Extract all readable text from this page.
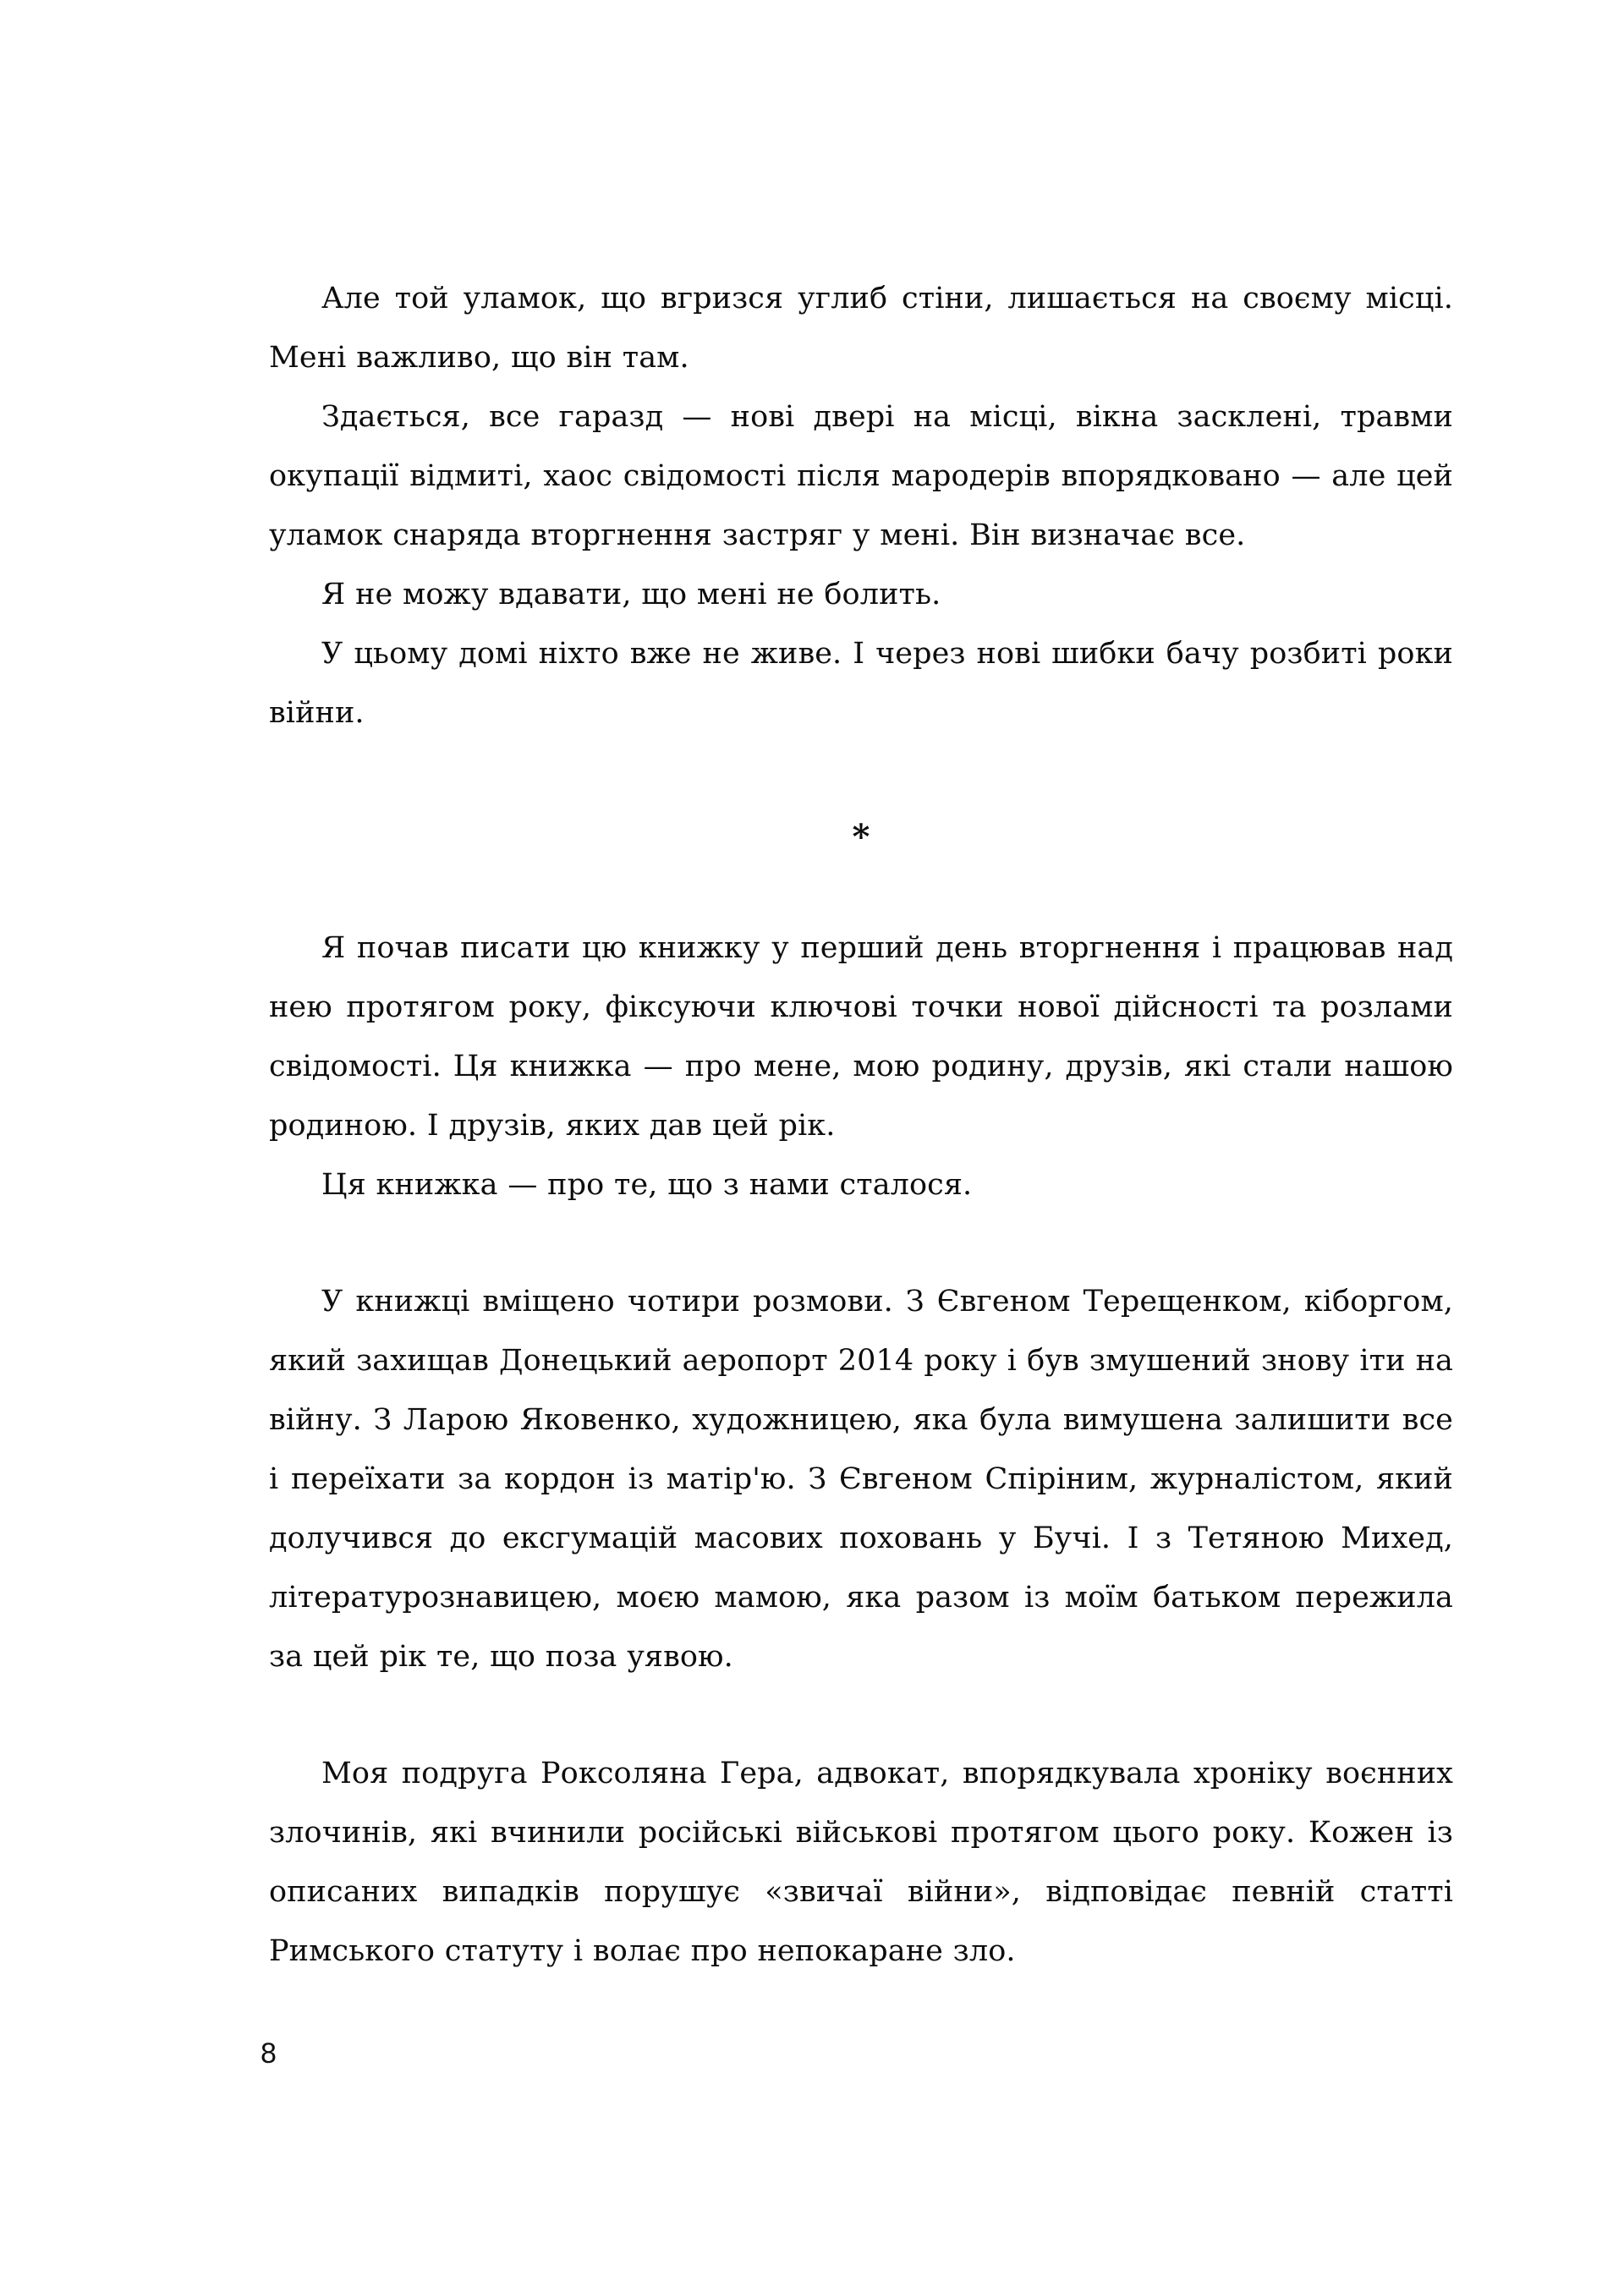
Але той уламок, що вгризся углиб стіни, лишається на своєму місці. Мені важливо, що він там.

Здається, все гаразд — нові двері на місці, вікна засклені, травми окупації відмиті, хаос свідомості після мародерів впорядковано — але цей уламок снаряда вторгнення застряг у мені. Він визначає все.

Я не можу вдавати, що мені не болить.

У цьому домі ніхто вже не живе. І через нові шибки бачу розбиті роки війни.

*

Я почав писати цю книжку у перший день вторгнення і працював над нею протягом року, фіксуючи ключові точки нової дійсності та розлами свідомості. Ця книжка — про мене, мою родину, друзів, які стали нашою родиною. І друзів, яких дав цей рік.

Ця книжка — про те, що з нами сталося.

У книжці вміщено чотири розмови. З Євгеном Терещенком, кіборгом, який захищав Донецький аеропорт 2014 року і був змушений знову іти на війну. З Ларою Яковенко, художницею, яка була вимушена залишити все і переїхати за кордон із матір'ю. З Євгеном Спіріним, журналістом, який долучився до ексгумацій масових поховань у Бучі. І з Тетяною Михед, літературознавицею, моєю мамою, яка разом із моїм батьком пережила за цей рік те, що поза уявою.

Моя подруга Роксоляна Гера, адвокат, впорядкувала хроніку воєнних злочинів, які вчинили російські військові протягом цього року. Кожен із описаних випадків порушує «звичаї війни», відповідає певній статті Римського статуту і волає про непокаране зло.

8
